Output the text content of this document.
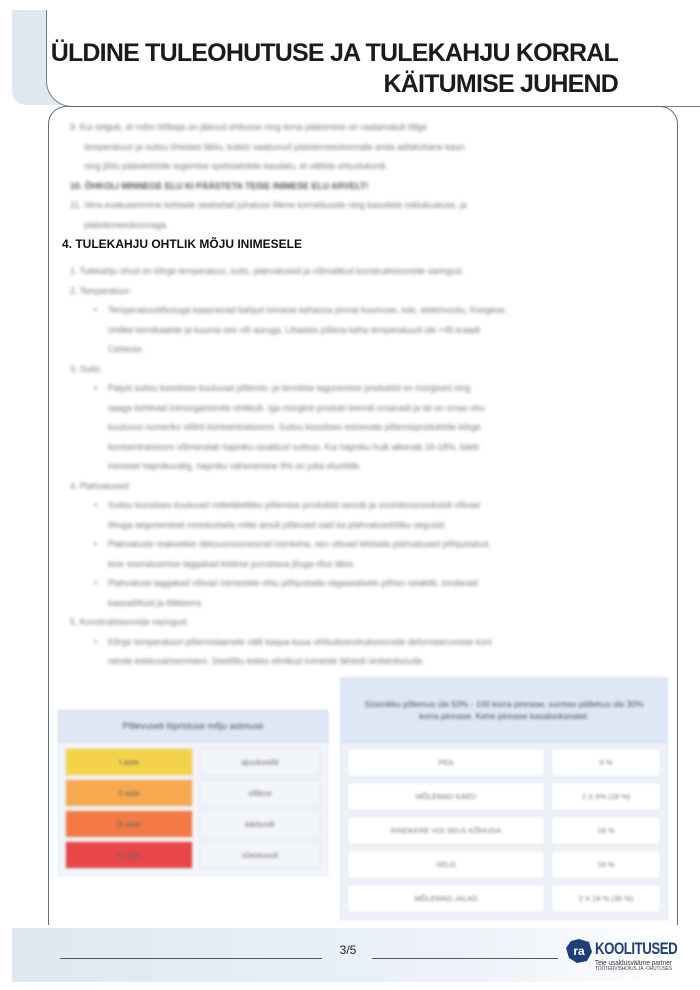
ÜLDINE TULEOHUTUSE JA TULEKAHJU KORRAL
KÄITUMISE JUHEND

9. Kui selgub, et mõni hõlbaja on jäänud ehitusse ning tema päästmine on vaalamatult tõlge

temperatuuri ja suitsu tihedast läbiu, kokkö saabunud päästemeeskonnale anda aafakohane kaun

ning jõdu päästetööde tegemise spetsialistide kaudalu, et vältida ohtuolukordi.

10. ÕHKOLI MINNEGE ELU KI PÄÄSTETA TEISE INIMESE ELU ARVELT!

11. Vera evakueerimine kohtade sealsetail juhatuse liikme korraldusele ning kasutlete isiklukuatuse, ja

päästemeeskonnaga.

4. TULEKAHJU OHTLIK MÕJU INIMESELE

1. Tulekahju ohud on kõrge temperatuur, suits, plahvatused ja võimalikud konstruktsioonide varingud.

2. Temperatuur:

• Temperatuuritõusuga kaasnevad kahjud inimese kehaosa pinnal kuumuse, tule, elektrivoolu, Koogese,

ohtlike kemikaalide ja kuuma vee või auruga. Lihastes põleva keha temperatuuril üle +45 kraadi

Celsiuse.

3. Suits:

• Palyst suitsu koostises kuuluvad põlemis- ja termilise lagunemise produktid on mürgised ning

saaga kehtivad inimorganismile ohtlikult. Iga mürgine produkt leemdi omanadi ja tal on omas ohu

kuuluvus numeriks võõrti kontsentratsiooni. Suitsu koostises esinevate põlemisproduktide kõrge

kontsentratsiooni võimendab hapniku sisaldust suitsus. Kui hapniku hulk alkenab 16-18%, käeb

inimesel hapnikuvälig, hapniku vähenemine 9% on juba eluohtlik.

4. Plahvatused:

• Suitsu koostises kuuluvad mittetäielikku põlemise produktid seonik ja süsinikmonooksiidi võivad

õhuga segunemisel moodustada mitte ainult põlevaid vaid ka plahvatusohtliku segusid.

• Plahvatuste reaksekke deksusmoonesmel inimkeha, sen võivad tekitada plahvatused põhjustatud,

kine soonalusmise laggakad kiidese purustava jõuga rifus läbis.

• Plahvatuse laggakad võivad inimestele ohtu põhjustada vägasealsete põhes seiakliti, tondavad

kaasaõlituid ja lõikkevra.

5. Konstruktsioonide varingud:

• Kõrge temperatuuri põlemislaenete välti kaqua kuua vihitudoonstruksioonide deformeeruvoise kuni

nende kokkuvarisemiseni. Seetõttu kokks elmikud inimeste lähtedi ümberdunude.

Põlevuseti löpristuse mõju astmuse
I aste	ajuvävedik
II aste	villikus
III aste	kärbuvik
IV aste	söestuvuit
Süsinikku põlemus üle 50% - 100 korra pinnase, surmav pällehus üle 30% korra pinnase. Kehe pinnase kasalooksnatel:
PEA	9 %
MÕLEMAD KÄED	2 X 9% (18 %)
RINDKERE VOI SELG KÕHUGA	18 %
SELG	18 %
MÕLEMAD JALAD	2 X 18 % (36 %)
3/5	ra KOOLITUSED
Teie usaldusväärne partner
TÖÖTERVISHOIUS JA -OHUTUSES
